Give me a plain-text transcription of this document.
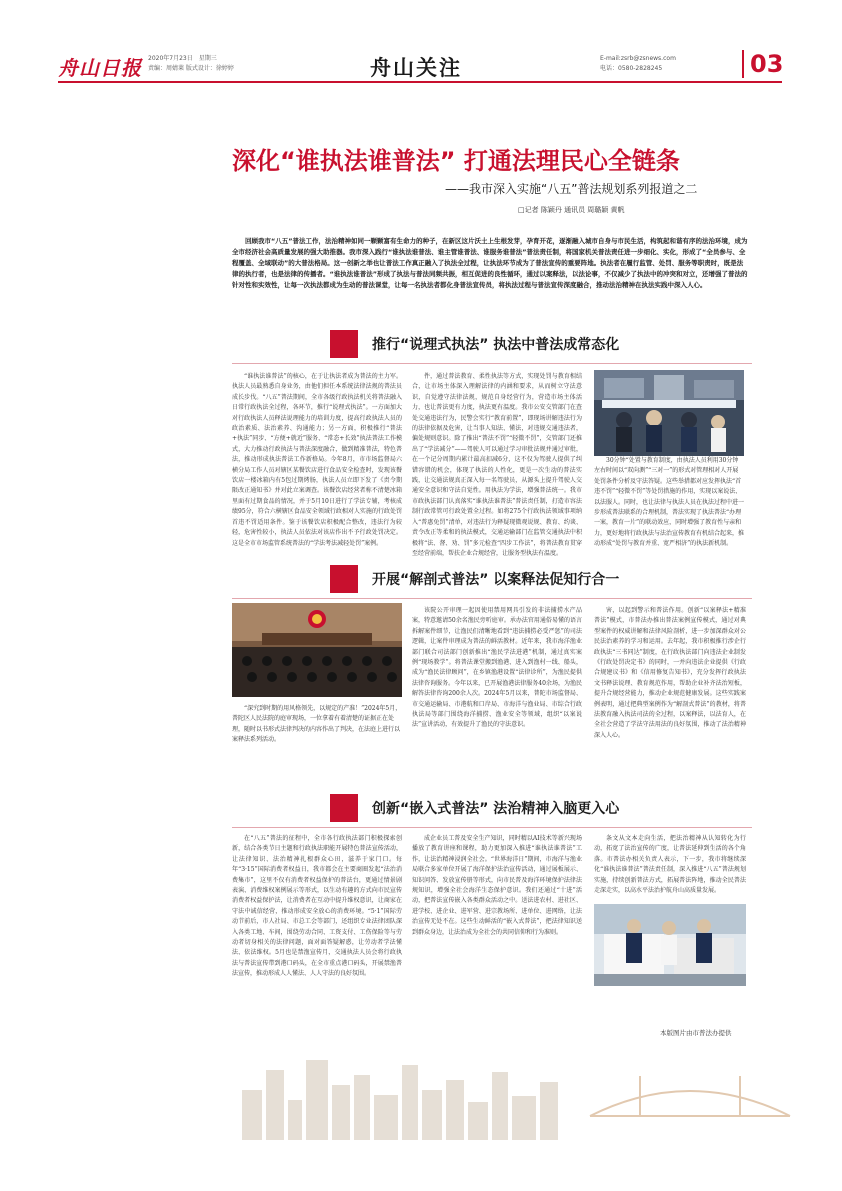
舟山日报 2020年7月23日　星期三
责编：周婧莱 版式设计：徐婷婷	舟山关注	E-mail:zsrb@zsnews.com
电话：0580-2828245	03
深化“谁执法谁普法” 打通法理民心全链条
——我市深入实施“八五”普法规划系列报道之二
□记者 陈颖丹 通讯员 周璐颖 黄帆
回顾我市“八五”普法工作，法治精神如同一颗颗富有生命力的种子，在新区这片沃土上生根发芽，孕育开花，逐渐融入城市自身与市民生活，构筑起和谐有序的法治环境，成为全市经济社会高质量发展的强大助推器。我市深入践行“谁执法谁普法、谁主管谁普法、谁服务谁普法”普法责任制，将国家机关普法责任进一步细化、实化，形成了“全员参与、全程覆盖、全域联动”的大普法格局。这一创新之举也让普法工作真正融入了执法全过程，让执法环节成为了普法宣传的重要阵地。执法者在履行监管、处罚、服务等职责时，既是法律的执行者，也是法律的传播者。“谁执法谁普法”形成了执法与普法同频共振，相互促进的良性循环，通过以案释法，以法论事，不仅减少了执法中的冲突和对立，还增强了普法的针对性和实效性，让每一次执法都成为生动的普法课堂，让每一名执法者都化身普法宣传员，将执法过程与普法宣传深度融合，推动法治精神在执法实践中深入人心。
推行“说理式执法” 执法中普法成常态化
“谁执法谁普法”的核心，在于让执法者成为普法的主力军。执法人员最熟悉自身业务，由他们担任本系统法律法规的普法员成长步伐。“八五”普法期间，全市各级行政执法机关将普法融入日常行政执法全过程，各环节，推行“说理式执法”。一方面加大对行政执法人员释法说理能力的培训力度，提高行政执法人员的政治素质、法治素养、沟通能力；另一方面，积极推行“普法+执法”同步、“方便+就近”服务、“常态+长效”执法普法工作模式，大力推动行政执法与普法深度融合，做到精准普法，特色普法，推动形成执法普法工作新格局。今年8月，市市场监督局六横分局工作人员对辖区某餐饮店进行食品安全检查时，发现该餐饮店一楼冰箱内有5包过期烤肠，执法人员立即下发了《责令期限改正通知书》并对此立案调查。该餐饮店经营者称不清楚冰箱里面有过期食品的情况，并于5月10日进行了学法专辅，考核成绩95分，符合六横辖区食品安全领域行政相对人实施的行政处罚首违不罚适用条件。鉴于该餐饮店积极配合整改，违法行为较轻，危害性较小，执法人员依法对该店作出不予行政处罚决定。这是全市市场监管系统普法的“学法考法减轻处罚”案例。
件，通过普法教育、柔性执法等方式，实现处罚与教育相结合，让市场主体深入理解法律的内涵和要求，从而树立守法意识，自觉遵守法律法规，规范自身经营行为，营造市场主体活力，也让普法更有力度，执法更有温度。我市公安交管部门在查处交通违法行为，民警会实行“教育前置”，即现场讲解违法行为的法律依据及危害，让当事人知法、懂法，对违规交通违法者，偏处规则意识。除了推出“普法不罚”“轻微不罚”，交管部门还推出了“学法减分”——驾驶人可以通过学习审批法规并通过审批，在一个记分周期内累计最高扣减6分，这不仅为驾驶人提供了纠错容错的机会，体现了执法的人性化，更是一次生动的普法实践，让交通法规真正深入每一名驾驶员，从源头上提升驾驶人交通安全意识和守法自觉性。用执法为学法，增强普法统一。我市市政执法部门认真落实“谁执法谁普法”普法责任制，打造市容法制行政常管可行政处置全过程。如将275个行政执法领域事项纳入“普惠免罚”清单，对违法行为释疑现微观说规、教育、约谈、责令改正等柔和的执法模式，交通运输部门在监管交通执法中积极将“法、督、劝、罚”多元检查“四步工作法”，将普法教育贯穿至经营前端，帮扶企业合规经营，让服务型执法有温度。
30分钟“处置与教育制度，由执法人员利用30分钟左右时间以“双向测”“三对一”的形式对管理相对人开展处罚条件分析及守法答疑。这些举措都对应发挥执法“首违不罚”“轻微不罚”等处罚措施的作用，实现以案说法、以法服人。同时，也让法律与执法人员在执法过程中进一步形成普法联系的合理机制，普法实现了执法普法“办理一案，教育一片”的联动效应，同时增强了教育性与亲和力，更好地将行政执法与法治宣传教育有机结合起来，推动形成“处罚与教育并重、宽严相济”的执法新机制。
开展“解剖式普法” 以案释法促知行合一
“深究到时期的用风格领先，以规定的产准！”2024年5月，普陀区人民法院的庭审现场，一位拿着有着清楚的证据正在处理，随时以书形式法律判决的内容作出了判决，在法庭上进行以案释法系列活动。
该院公开审理一起因使用禁用网具引发的非法捕捞水产品案，特意邀请50余名渔民旁听庭审。承办法官用通俗易懂的语言拆解案件细节，让渔民们清晰地看到“违法捕捞必受严惩”的司法逻辑，让案件审理成为普法的鲜活教材。近年来，我市海洋渔业部门联合司法部门创新推出“渔民学法进港”机制，通过真实案例“现场教学”。将普法课堂搬到渔港、进入到渔村一线、船头，成为“渔民法律顾问”，在乡镇渔港设置“法律诊所”，为渔民提供法律咨询服务。今年以来，已开展渔港法律服务40余场，为渔民解答法律咨询200余人次。2024年5月以来，普陀市场监督局、市交通运输局、市港航和口岸局、市海洋与渔业局、市综合行政执法局等部门围绕海洋捕捞、渔业安全等领域，组织“以案说法”宣讲活动，有效提升了渔民的守法意识。
害，以起到警示和普法作用。创新“以案释法+精准普法”模式，市普法办推出普法案例宣传模式，通过对典型案件的权威讲解和法律风险剖析，进一步加深群众对公民法治素养的学习和运用。去年起，我市积极推行涉企行政执法“三书同达”制度，在行政执法部门向违法企业制发《行政处罚决定书》的同时，一并向违法企业提供《行政合规建议书》和《信用修复告知书》，充分发挥行政执法文书释法说理、教育规范作用，帮助企业补齐法治短板，提升合规经营能力，推动企业规范健康发展。这些实践案例表明，通过把典型案例作为“解剖式普法”的教材，将普法教育融入执法司法的全过程，以案释法，以法育人，在全社会营造了学法守法用法的良好氛围，推动了法治精神深入人心。
创新“嵌入式普法” 法治精神入脑更入心
在“八五”普法的征程中，全市各行政执法部门积极探索创新，结合各类节日主题和行政执法职能开展特色普法宣传活动，让法律知识、法治精神扎根群众心田，滋养于家门口。每年“3·15”国际消费者权益日，我市都会在主要商圈发起“法治消费集市”，这里不仅有消费者权益保护的普法台，更通过情景剧表演、消费维权案例展示等形式，以生动有趣的方式向市民宣传消费者权益保护法，让消费者在互动中提升维权意识，让商家在守法中诚信经营，推动形成安全放心的消费环境。“5·1”国际劳动节前后，市人社局、市总工会等部门，还组织专业法律团队深入各类工地、车间，围绕劳动合同、工资支付、工伤保险等与劳动者切身相关的法律问题，面对面答疑解惑，让劳动者学法懂法、依法维权。5月也是禁渔宣传月，交通执法人员会将行政执法与普法宣传带到港口码头，在全市重点港口码头，开展禁渔普法宣传，推动形成人人懂法、人人守法的良好氛围。
成企业员工普及安全生产知识，同时精以AI技术等新兴现场播放了教育讲座和课程，助力更加深入推进“谁执法谁普法”工作，让法治精神浸润全社会。“世界海洋日”期间，市海洋与渔业局联合多家单位开展了海洋保护法治宣传活动，通过展板展示、知识问答、发放宣传册等形式，向市民普及海洋环境保护法律法规知识，增强全社会海洋生态保护意识。我们还通过“十进”活动，把普法宣传嵌入各类群众活动之中。送法进农村、进社区、进学校、进企业、进军营、进宗教场所、进单位、进网络，让法治宣传无处不在。这些生动鲜活的“嵌入式普法”，把法律知识送到群众身边，让法治成为全社会的共同信仰和行为准则。
条文从文本走向生活，把法治精神从认知转化为行动，拓宽了法治宣传的广度，让普法延伸到生活的各个角落。市普法办相关负责人表示，下一步，我市将继续深化“谁执法谁普法”普法责任制，深入推进“八五”普法规划实施，持续创新普法方式，拓展普法阵地，推动全民普法走深走实，以高水平法治护航舟山高质量发展。
本版图片由市普法办提供
